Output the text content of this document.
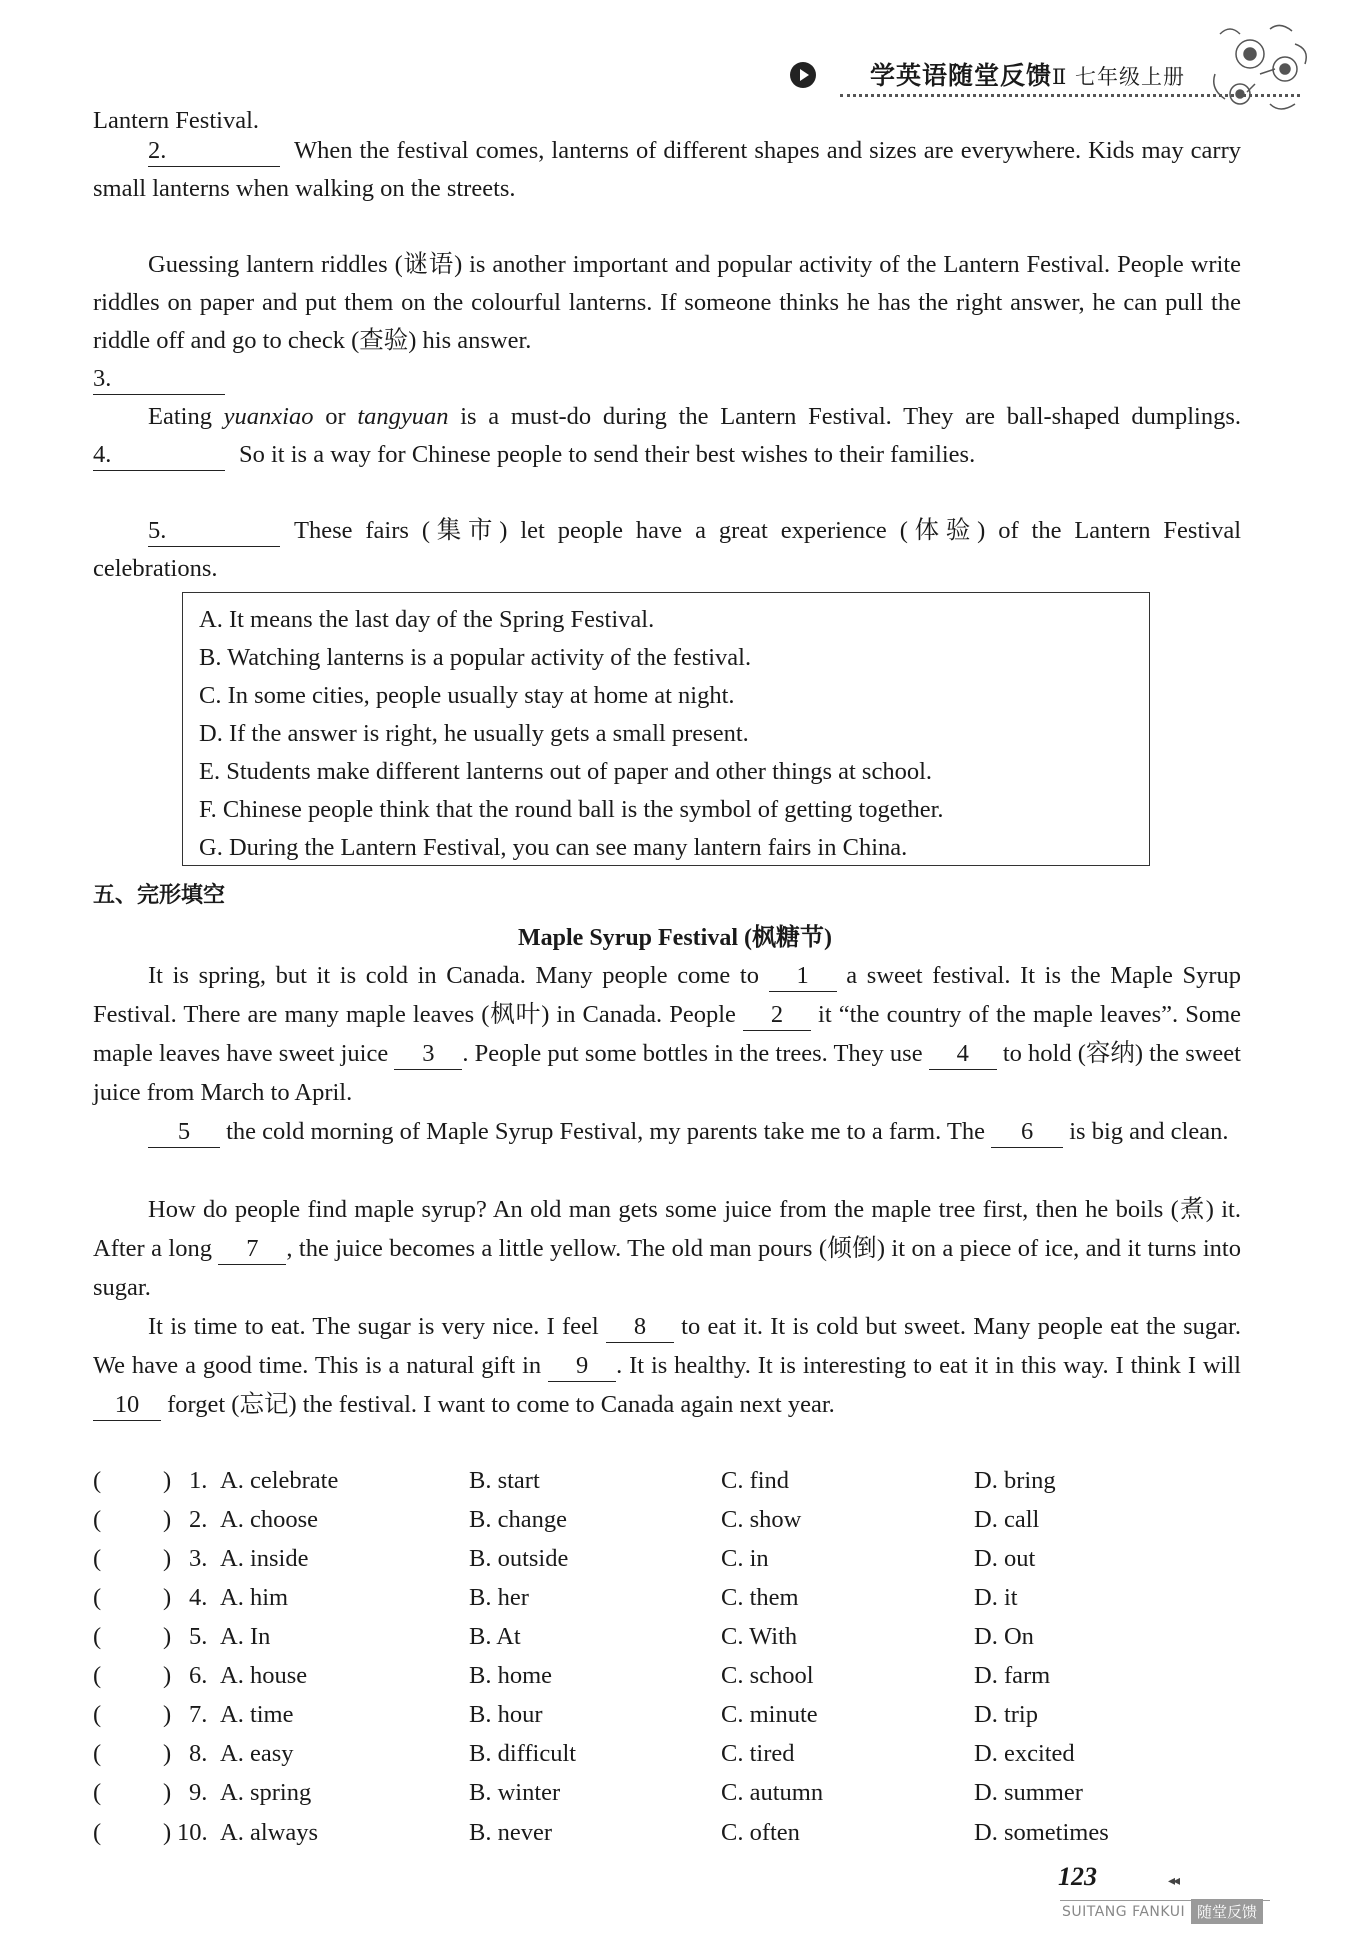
学英语随堂反馈Ⅱ 七年级上册
Lantern Festival.
2.	When the festival comes, lanterns of different shapes and sizes are everywhere. Kids may carry small lanterns when walking on the streets.
Guessing lantern riddles (谜语) is another important and popular activity of the Lantern Festival. People write riddles on paper and put them on the colourful lanterns. If someone thinks he has the right answer, he can pull the riddle off and go to check (查验) his answer.
3.
Eating yuanxiao or tangyuan is a must-do during the Lantern Festival. They are ball-shaped dumplings. 4.	So it is a way for Chinese people to send their best wishes to their families.
5.	These fairs (集市) let people have a great experience (体验) of the Lantern Festival celebrations.
A. It means the last day of the Spring Festival.
B. Watching lanterns is a popular activity of the festival.
C. In some cities, people usually stay at home at night.
D. If the answer is right, he usually gets a small present.
E. Students make different lanterns out of paper and other things at school.
F. Chinese people think that the round ball is the symbol of getting together.
G. During the Lantern Festival, you can see many lantern fairs in China.
五、完形填空
Maple Syrup Festival (枫糖节)
It is spring, but it is cold in Canada. Many people come to 1 a sweet festival. It is the Maple Syrup Festival. There are many maple leaves (枫叶) in Canada. People 2 it “the country of the maple leaves”. Some maple leaves have sweet juice 3 . People put some bottles in the trees. They use 4 to hold (容纳) the sweet juice from March to April.
5 the cold morning of Maple Syrup Festival, my parents take me to a farm. The 6 is big and clean.
How do people find maple syrup? An old man gets some juice from the maple tree first, then he boils (煮) it. After a long 7 , the juice becomes a little yellow. The old man pours (倾倒) it on a piece of ice, and it turns into sugar.
It is time to eat. The sugar is very nice. I feel 8 to eat it. It is cold but sweet. Many people eat the sugar. We have a good time. This is a natural gift in 9 . It is healthy. It is interesting to eat it in this way. I think I will 10 forget (忘记) the festival. I want to come to Canada again next year.
(	) 1. A. celebrate	B. start	C. find	D. bring
(	) 2. A. choose	B. change	C. show	D. call
(	) 3. A. inside	B. outside	C. in	D. out
(	) 4. A. him	B. her	C. them	D. it
(	) 5. A. In	B. At	C. With	D. On
(	) 6. A. house	B. home	C. school	D. farm
(	) 7. A. time	B. hour	C. minute	D. trip
(	) 8. A. easy	B. difficult	C. tired	D. excited
(	) 9. A. spring	B. winter	C. autumn	D. summer
(	) 10. A. always	B. never	C. often	D. sometimes
123	◂◂
SUITANG FANKUI 随堂反馈
